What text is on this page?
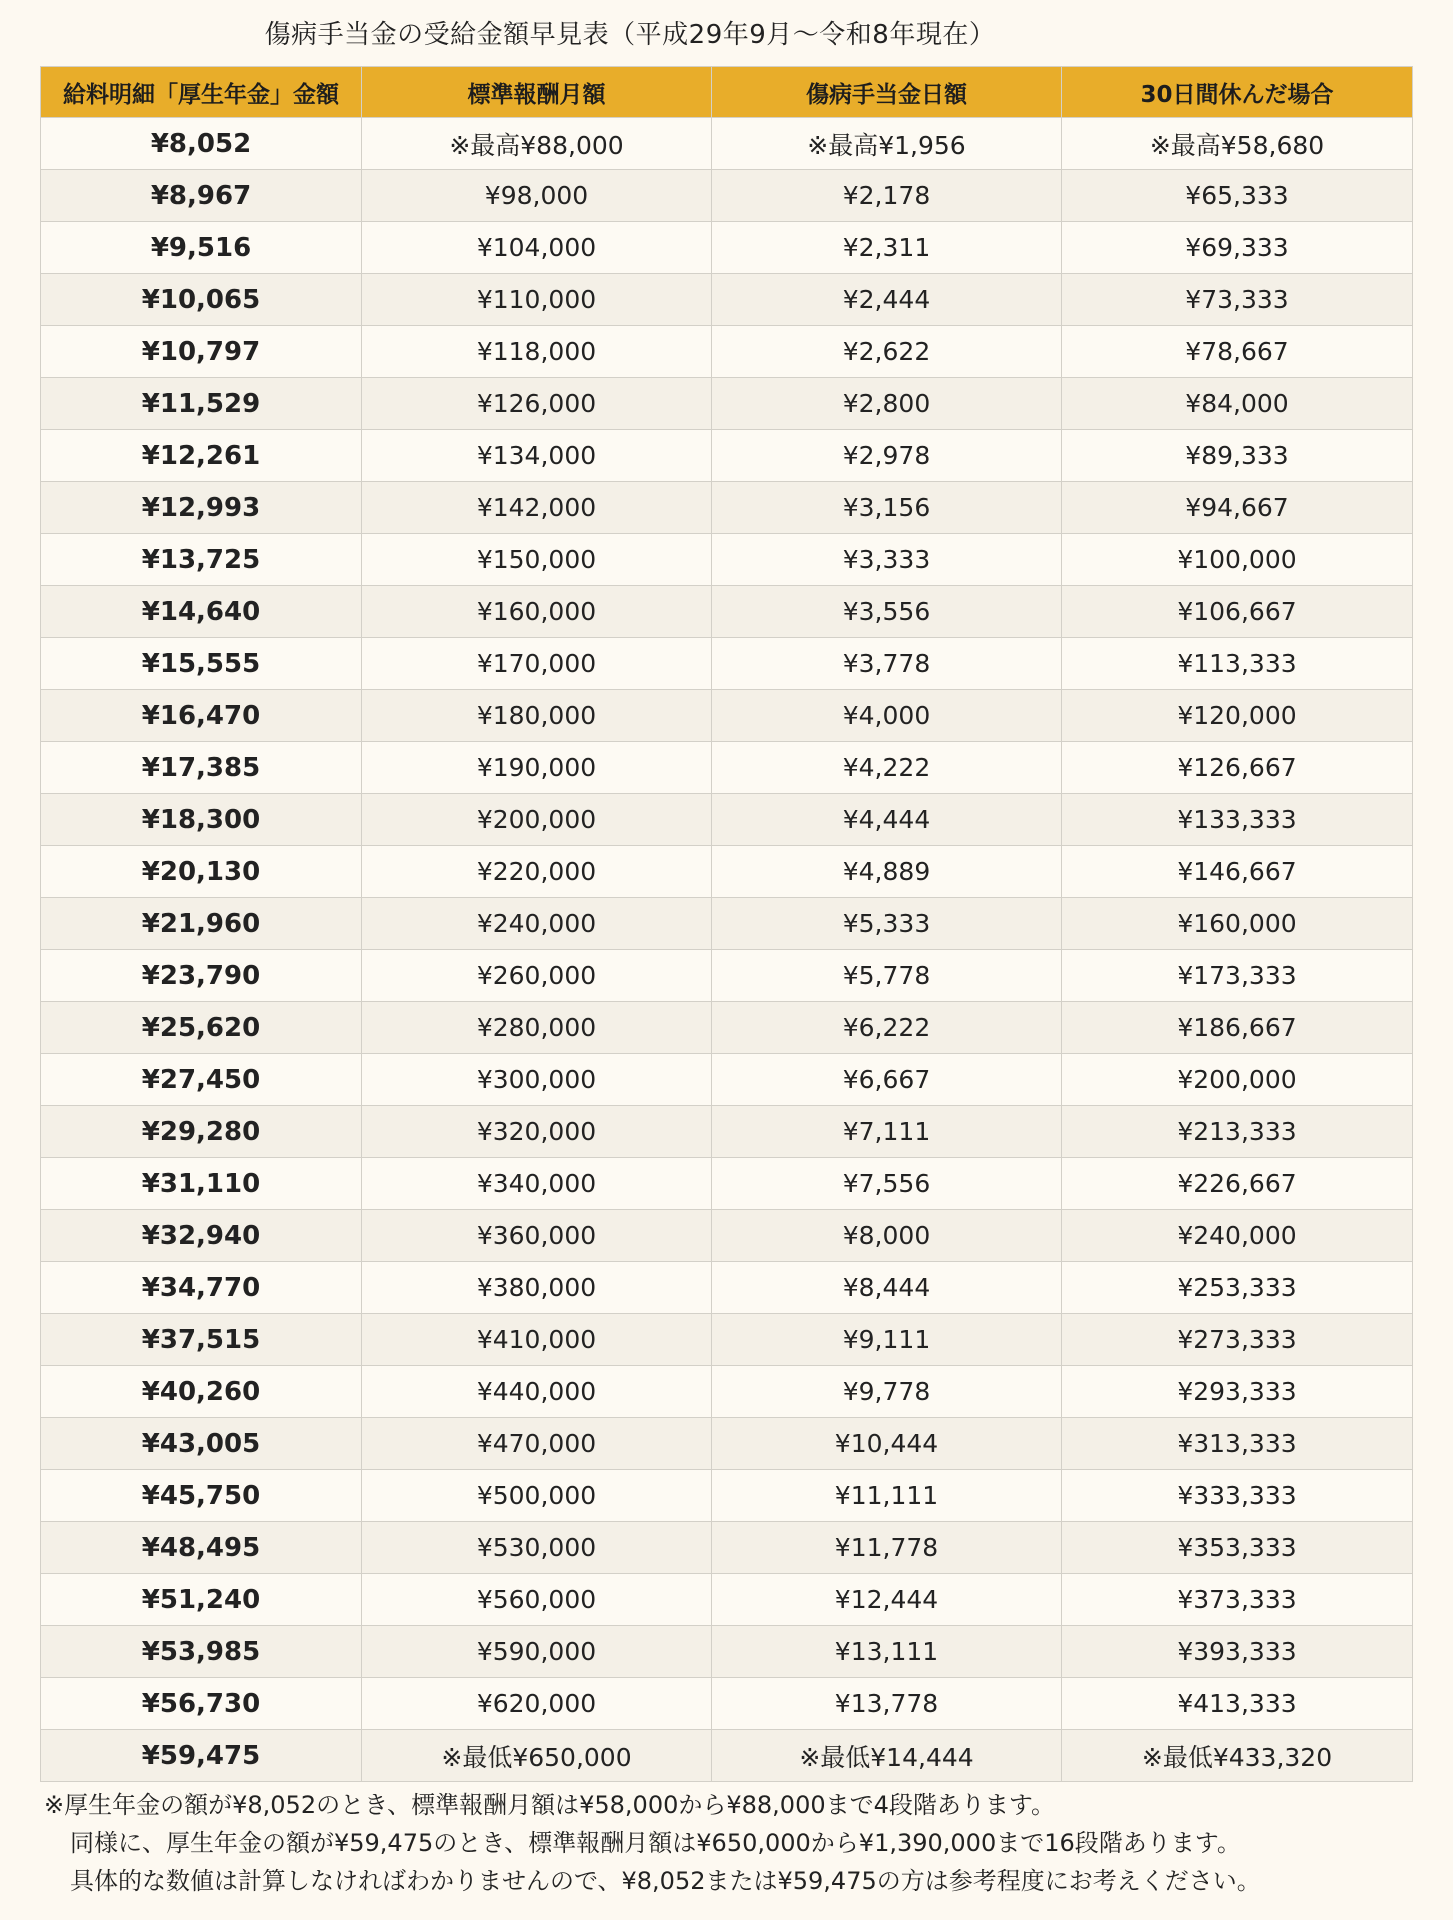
傷病手当金の受給金額早見表（平成29年9月〜令和8年現在）
給料明細「厚生年金」金額	標準報酬月額	傷病手当金日額	30日間休んだ場合
¥8,052	※最高¥88,000	※最高¥1,956	※最高¥58,680
¥8,967	¥98,000	¥2,178	¥65,333
¥9,516	¥104,000	¥2,311	¥69,333
¥10,065	¥110,000	¥2,444	¥73,333
¥10,797	¥118,000	¥2,622	¥78,667
¥11,529	¥126,000	¥2,800	¥84,000
¥12,261	¥134,000	¥2,978	¥89,333
¥12,993	¥142,000	¥3,156	¥94,667
¥13,725	¥150,000	¥3,333	¥100,000
¥14,640	¥160,000	¥3,556	¥106,667
¥15,555	¥170,000	¥3,778	¥113,333
¥16,470	¥180,000	¥4,000	¥120,000
¥17,385	¥190,000	¥4,222	¥126,667
¥18,300	¥200,000	¥4,444	¥133,333
¥20,130	¥220,000	¥4,889	¥146,667
¥21,960	¥240,000	¥5,333	¥160,000
¥23,790	¥260,000	¥5,778	¥173,333
¥25,620	¥280,000	¥6,222	¥186,667
¥27,450	¥300,000	¥6,667	¥200,000
¥29,280	¥320,000	¥7,111	¥213,333
¥31,110	¥340,000	¥7,556	¥226,667
¥32,940	¥360,000	¥8,000	¥240,000
¥34,770	¥380,000	¥8,444	¥253,333
¥37,515	¥410,000	¥9,111	¥273,333
¥40,260	¥440,000	¥9,778	¥293,333
¥43,005	¥470,000	¥10,444	¥313,333
¥45,750	¥500,000	¥11,111	¥333,333
¥48,495	¥530,000	¥11,778	¥353,333
¥51,240	¥560,000	¥12,444	¥373,333
¥53,985	¥590,000	¥13,111	¥393,333
¥56,730	¥620,000	¥13,778	¥413,333
¥59,475	※最低¥650,000	※最低¥14,444	※最低¥433,320
※厚生年金の額が¥8,052のとき、標準報酬月額は¥58,000から¥88,000まで4段階あります。
同様に、厚生年金の額が¥59,475のとき、標準報酬月額は¥650,000から¥1,390,000まで16段階あります。
具体的な数値は計算しなければわかりませんので、¥8,052または¥59,475の方は参考程度にお考えください。
